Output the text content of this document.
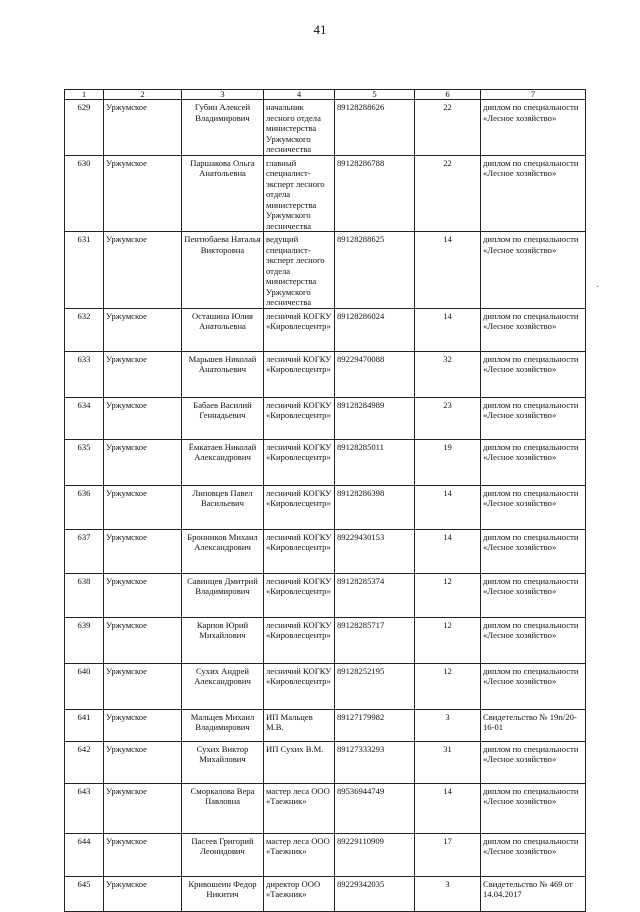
41
1	2	3	4	5	6	7
629	Уржумское	Губин Алексей Владимирович	начальник лесного отдела министерства Уржумского лесничества	89128288626	22	диплом по специальности «Лесное хозяйство»
630	Уржумское	Паршакова Ольга Анатольевна	главный специалист-эксперт лесного отдела министерства Уржумского лесничества	89128286788	22	диплом по специальности «Лесное хозяйство»
631	Уржумское	Пентюбаева Наталья Викторовна	ведущий специалист-эксперт лесного отдела министерства Уржумского лесничества	89128288625	14	диплом по специальности «Лесное хозяйство»
632	Уржумское	Осташина Юлия Анатольевна	лесничий КОГКУ «Кировлесцентр»	89128286024	14	диплом по специальности «Лесное хозяйство»
633	Уржумское	Марьшев Николай Анатольевич	лесничий КОГКУ «Кировлесцентр»	89229470088	32	диплом по специальности «Лесное хозяйство»
634	Уржумское	Бабаев Василий Геннадьевич	лесничий КОГКУ «Кировлесцентр»	89128284989	23	диплом по специальности «Лесное хозяйство»
635	Уржумское	Ёмкатаев Николай Александрович	лесничий КОГКУ «Кировлесцентр»	89128285011	19	диплом по специальности «Лесное хозяйство»
636	Уржумское	Липовцев Павел Васильевич	лесничий КОГКУ «Кировлесцентр»	89128286398	14	диплом по специальности «Лесное хозяйство»
637	Уржумское	Бронников Михаил Александрович	лесничий КОГКУ «Кировлесцентр»	89229430153	14	диплом по специальности «Лесное хозяйство»
638	Уржумское	Савинцев Дмитрий Владимирович	лесничий КОГКУ «Кировлесцентр»	89128285374	12	диплом по специальности «Лесное хозяйство»
639	Уржумское	Карпов Юрий Михайлович	лесничий КОГКУ «Кировлесцентр»	89128285717	12	диплом по специальности «Лесное хозяйство»
640	Уржумское	Сухих Андрей Александрович	лесничий КОГКУ «Кировлесцентр»	89128252195	12	диплом по специальности «Лесное хозяйство»
641	Уржумское	Мальцев Михаил Владимирович	ИП Мальцев М.В.	89127179982	3	Свидетельство № 19п/20-16-01
642	Уржумское	Сухих Виктор Михайлович	ИП Сухих В.М.	89127333293	31	диплом по специальности «Лесное хозяйство»
643	Уржумское	Сморкалова Вера Павловна	мастер леса ООО «Таежник»	89536944749	14	диплом по специальности «Лесное хозяйство»
644	Уржумское	Пасеев Григорий Леонидович	мастер леса ООО «Таежник»	89229110909	17	диплом по специальности «Лесное хозяйство»
645	Уржумское	Кривошеин Федор Никитич	директор ООО «Таежник»	89229342035	3	Свидетельство № 469 от 14.04.2017
·
